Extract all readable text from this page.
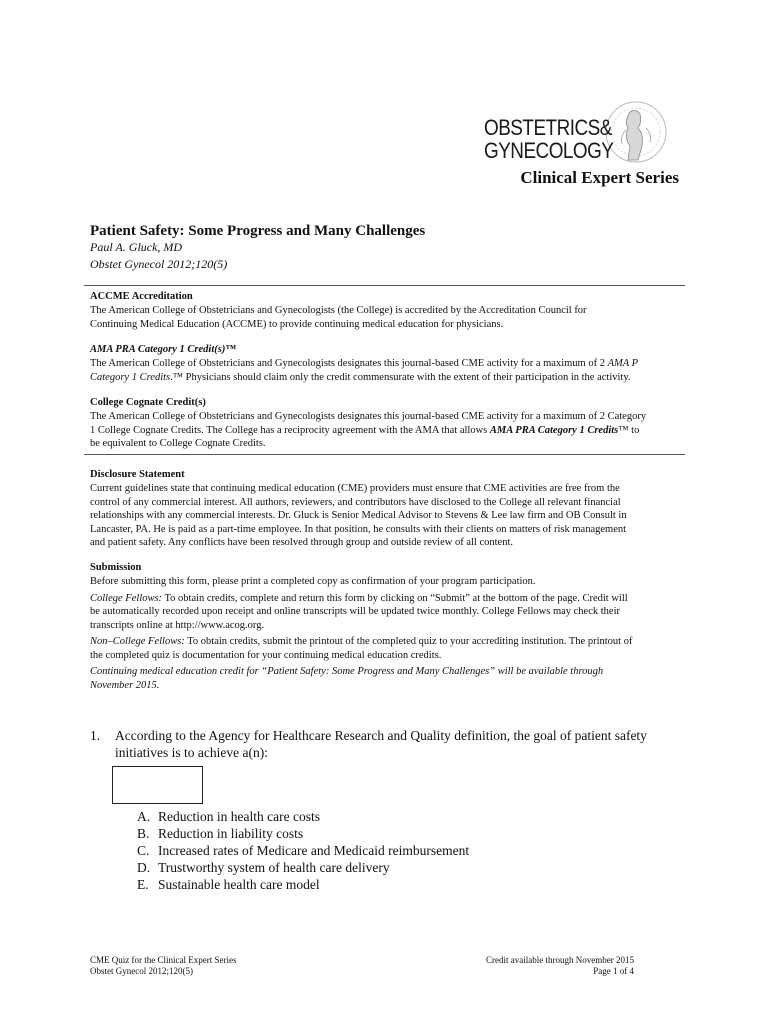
OBSTETRICS&
GYNECOLOGY
Clinical Expert Series
Patient Safety: Some Progress and Many Challenges
Paul A. Gluck, MD
Obstet Gynecol 2012;120(5)
ACCME Accreditation
The American College of Obstetricians and Gynecologists (the College) is accredited by the Accreditation Council for
Continuing Medical Education (ACCME) to provide continuing medical education for physicians.
AMA PRA Category 1 Credit(s)™
The American College of Obstetricians and Gynecologists designates this journal-based CME activity for a maximum of 2 AMA P
Category 1 Credits.™ Physicians should claim only the credit commensurate with the extent of their participation in the activity.
College Cognate Credit(s)
The American College of Obstetricians and Gynecologists designates this journal-based CME activity for a maximum of 2 Category
1 College Cognate Credits. The College has a reciprocity agreement with the AMA that allows AMA PRA Category 1 Credits™ to
be equivalent to College Cognate Credits.
Disclosure Statement
Current guidelines state that continuing medical education (CME) providers must ensure that CME activities are free from the
control of any commercial interest. All authors, reviewers, and contributors have disclosed to the College all relevant financial
relationships with any commercial interests. Dr. Gluck is Senior Medical Advisor to Stevens & Lee law firm and OB Consult in
Lancaster, PA. He is paid as a part-time employee. In that position, he consults with their clients on matters of risk management
and patient safety. Any conflicts have been resolved through group and outside review of all content.
Submission
Before submitting this form, please print a completed copy as confirmation of your program participation.
College Fellows: To obtain credits, complete and return this form by clicking on “Submit” at the bottom of the page. Credit will
be automatically recorded upon receipt and online transcripts will be updated twice monthly. College Fellows may check their
transcripts online at http://www.acog.org.
Non–College Fellows: To obtain credits, submit the printout of the completed quiz to your accrediting institution. The printout of
the completed quiz is documentation for your continuing medical education credits.
Continuing medical education credit for “Patient Safety: Some Progress and Many Challenges” will be available through
November 2015.
1. According to the Agency for Healthcare Research and Quality definition, the goal of patient safety
initiatives is to achieve a(n):
A. Reduction in health care costs
B. Reduction in liability costs
C. Increased rates of Medicare and Medicaid reimbursement
D. Trustworthy system of health care delivery
E. Sustainable health care model
CME Quiz for the Clinical Expert Series
Obstet Gynecol 2012;120(5)
Credit available through November 2015
Page 1 of 4
